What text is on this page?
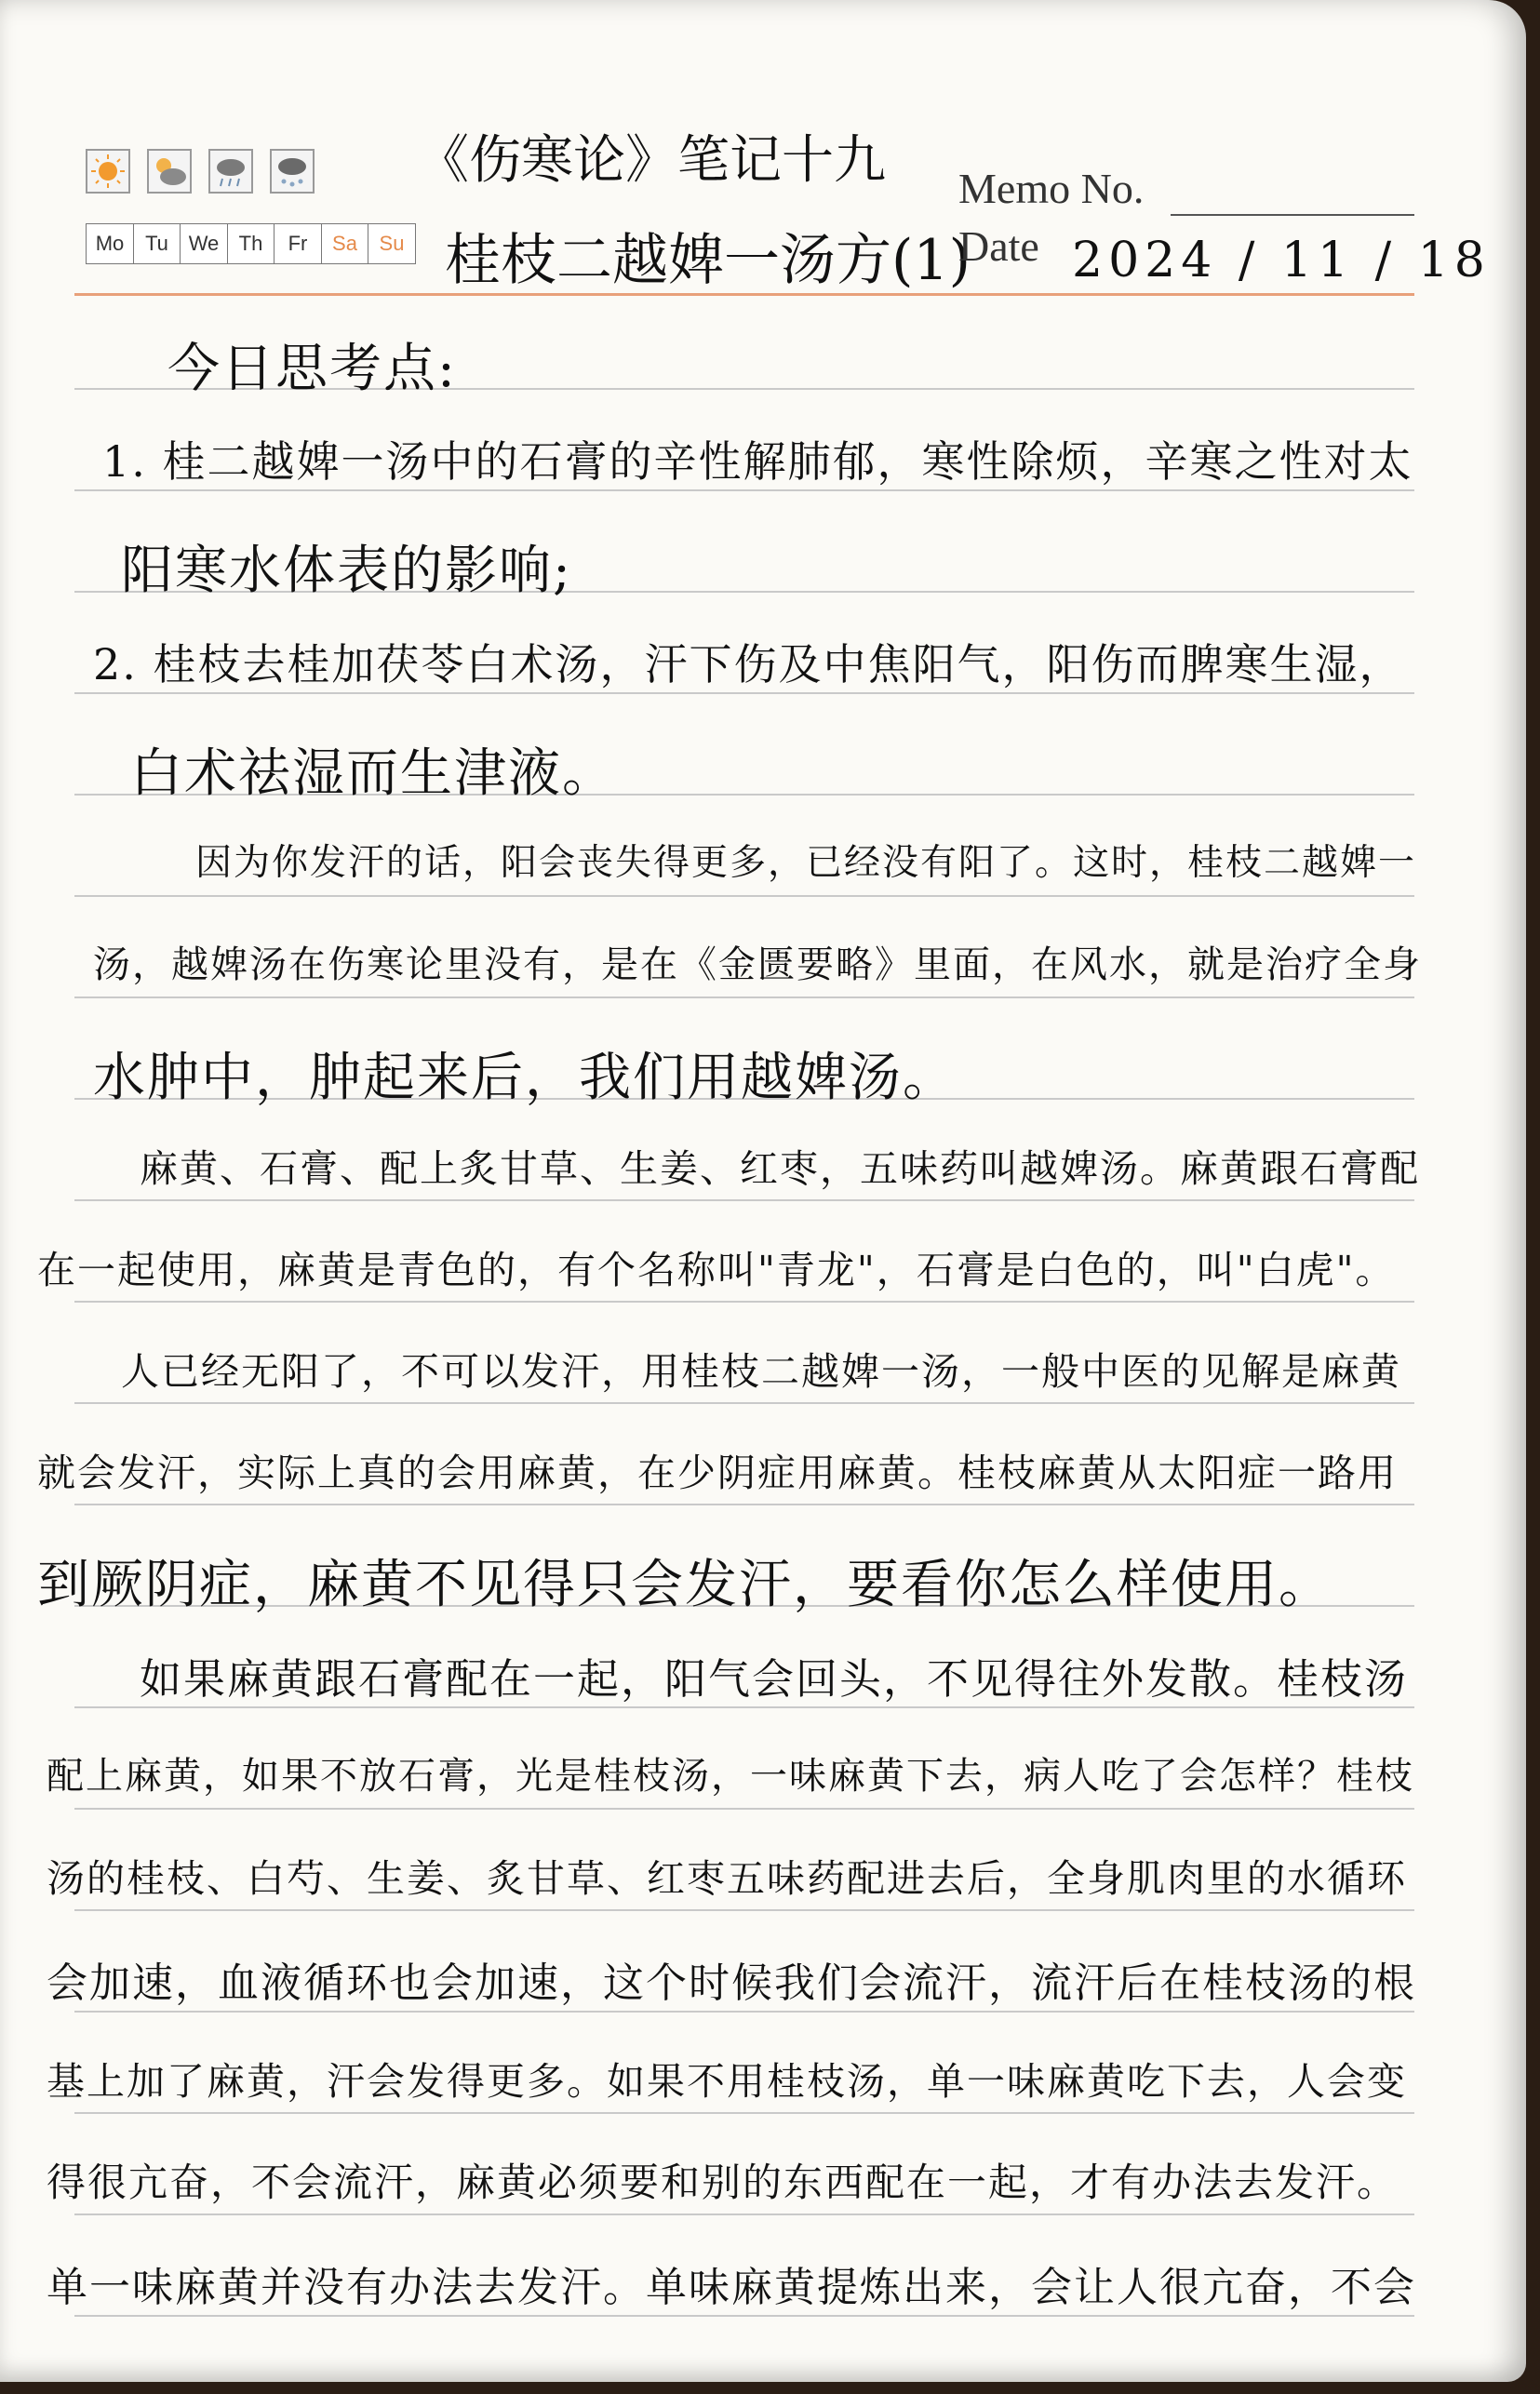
Mo	Tu We Th	Fr	Sa	Su
《伤寒论》笔记十九
桂枝二越婢一汤方(1)
Memo No.
Date 2024 / 11 / 18
今日思考点:
1. 桂二越婢一汤中的石膏的辛性解肺郁，寒性除烦，辛寒之性对太
阳寒水体表的影响;
2. 桂枝去桂加茯苓白术汤，汗下伤及中焦阳气，阳伤而脾寒生湿，
白术祛湿而生津液。
因为你发汗的话，阳会丧失得更多，已经没有阳了。这时，桂枝二越婢一
汤，越婢汤在伤寒论里没有，是在《金匮要略》里面，在风水，就是治疗全身
水肿中，肿起来后，我们用越婢汤。
麻黄、石膏、配上炙甘草、生姜、红枣，五味药叫越婢汤。麻黄跟石膏配
在一起使用，麻黄是青色的，有个名称叫"青龙"，石膏是白色的，叫"白虎"。
人已经无阳了，不可以发汗，用桂枝二越婢一汤，一般中医的见解是麻黄
就会发汗，实际上真的会用麻黄，在少阴症用麻黄。桂枝麻黄从太阳症一路用
到厥阴症，麻黄不见得只会发汗，要看你怎么样使用。
如果麻黄跟石膏配在一起，阳气会回头，不见得往外发散。桂枝汤
配上麻黄，如果不放石膏，光是桂枝汤，一味麻黄下去，病人吃了会怎样？桂枝
汤的桂枝、白芍、生姜、炙甘草、红枣五味药配进去后，全身肌肉里的水循环
会加速，血液循环也会加速，这个时候我们会流汗，流汗后在桂枝汤的根
基上加了麻黄，汗会发得更多。如果不用桂枝汤，单一味麻黄吃下去，人会变
得很亢奋，不会流汗，麻黄必须要和别的东西配在一起，才有办法去发汗。
单一味麻黄并没有办法去发汗。单味麻黄提炼出来，会让人很亢奋，不会
